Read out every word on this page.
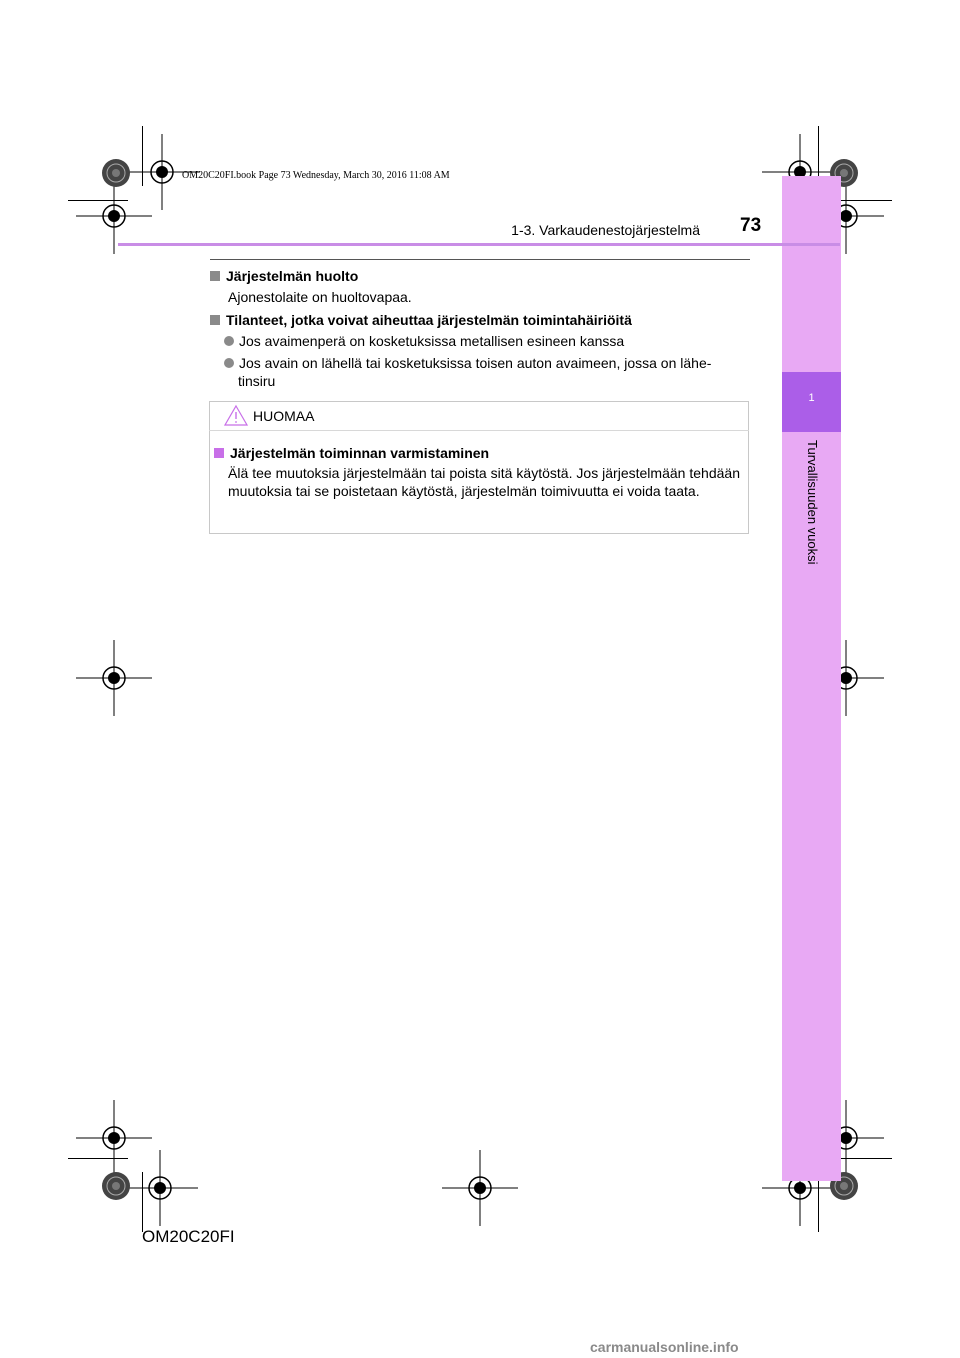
OM20C20FI.book Page 73 Wednesday, March 30, 2016 11:08 AM
1
Turvallisuuden vuoksi
1-3. Varkaudenestojärjestelmä 73
Järjestelmän huolto
Ajonestolaite on huoltovapaa.
Tilanteet, jotka voivat aiheuttaa järjestelmän toimintahäiriöitä
Jos avaimenperä on kosketuksissa metallisen esineen kanssa
Jos avain on lähellä tai kosketuksissa toisen auton avaimeen, jossa on lähe-
tinsiru
HUOMAA
Järjestelmän toiminnan varmistaminen
Älä tee muutoksia järjestelmään tai poista sitä käytöstä. Jos järjestelmään tehdään muutoksia tai se poistetaan käytöstä, järjestelmän toimivuutta ei voida taata.
OM20C20FI
carmanualsonline.info
